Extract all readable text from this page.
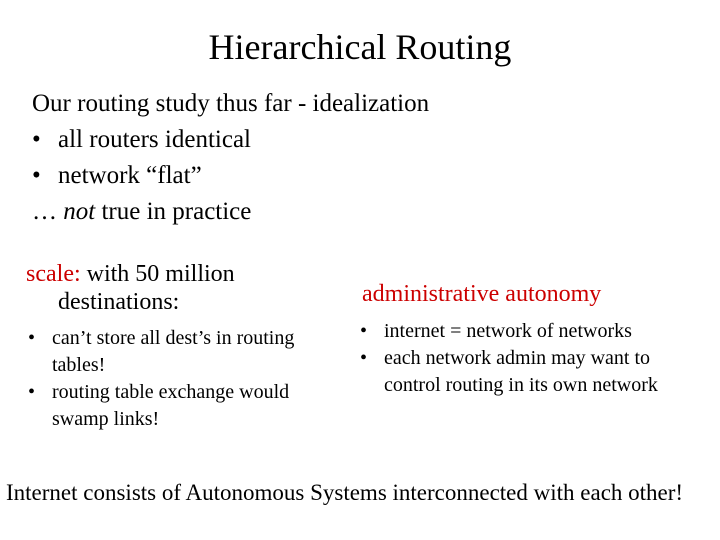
Hierarchical Routing
Our routing study thus far - idealization
• all routers identical
• network “flat”
… not true in practice
scale: with 50 million
destinations:
• can’t store all dest’s in routing tables!
• routing table exchange would swamp links!
administrative autonomy
• internet = network of networks
• each network admin may want to control routing in its own network
Internet consists of Autonomous Systems interconnected with each other!
